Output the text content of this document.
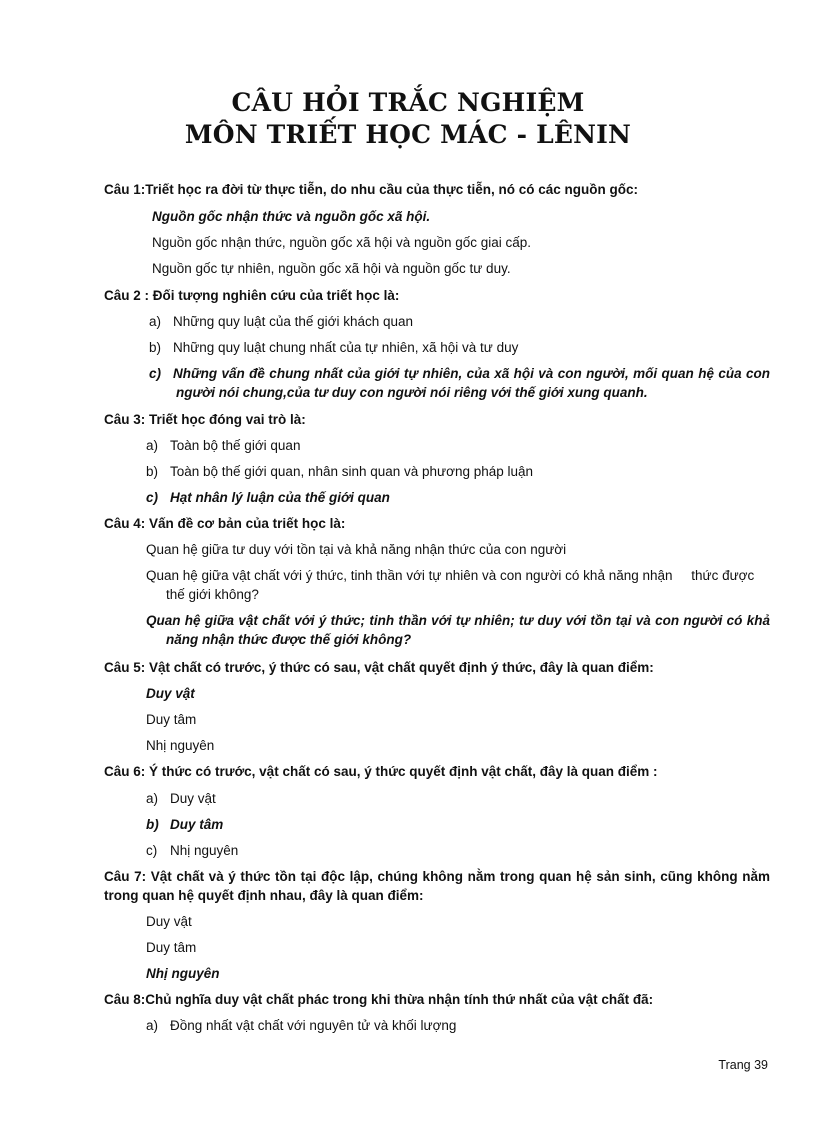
CÂU HỎI TRẮC NGHIỆM
MÔN TRIẾT HỌC MÁC - LÊNIN
Câu 1:Triết học ra đời từ thực tiễn, do nhu cầu của thực tiễn, nó có các nguồn gốc:
Nguồn gốc nhận thức và nguồn gốc xã hội.
Nguồn gốc nhận thức, nguồn gốc xã hội và nguồn gốc giai cấp.
Nguồn gốc tự nhiên, nguồn gốc xã hội và nguồn gốc tư duy.
Câu 2 : Đối tượng nghiên cứu của triết học là:
a) Những quy luật của thế giới khách quan
b) Những quy luật chung nhất của tự nhiên, xã hội và tư duy
c) Những vấn đề chung nhất của giới tự nhiên, của xã hội và con người, mối quan hệ của con người nói chung,của tư duy con người nói riêng với thế giới xung quanh.
Câu 3: Triết học đóng vai trò là:
a) Toàn bộ thế giới quan
b) Toàn bộ thế giới quan, nhân sinh quan và phương pháp luận
c) Hạt nhân lý luận của thế giới quan
Câu 4: Vấn đề cơ bản của triết học là:
Quan hệ giữa tư duy với tồn tại và khả năng nhận thức của con người
Quan hệ giữa vật chất với ý thức, tinh thần với tự nhiên và con người có khả năng nhận     thức được thế giới không?
Quan hệ giữa vật chất với ý thức; tinh thần với tự nhiên; tư duy với tồn tại và con người có khả năng nhận thức được thế giới không?
Câu 5: Vật chất có trước, ý thức có sau, vật chất quyết định ý thức, đây là quan điểm:
Duy vật
Duy tâm
Nhị nguyên
Câu 6: Ý thức có trước, vật chất có sau, ý thức quyết định vật chất, đây là quan điểm :
a) Duy vật
b) Duy tâm
c) Nhị nguyên
Câu 7: Vật chất và ý thức tồn tại độc lập, chúng không nằm trong quan hệ sản sinh, cũng không nằm trong quan hệ quyết định nhau, đây là quan điểm:
Duy vật
Duy tâm
Nhị nguyên
Câu 8:Chủ nghĩa duy vật chất phác trong khi thừa nhận tính thứ nhất của vật chất đã:
a) Đồng nhất vật chất với nguyên tử và khối lượng
Trang 39
